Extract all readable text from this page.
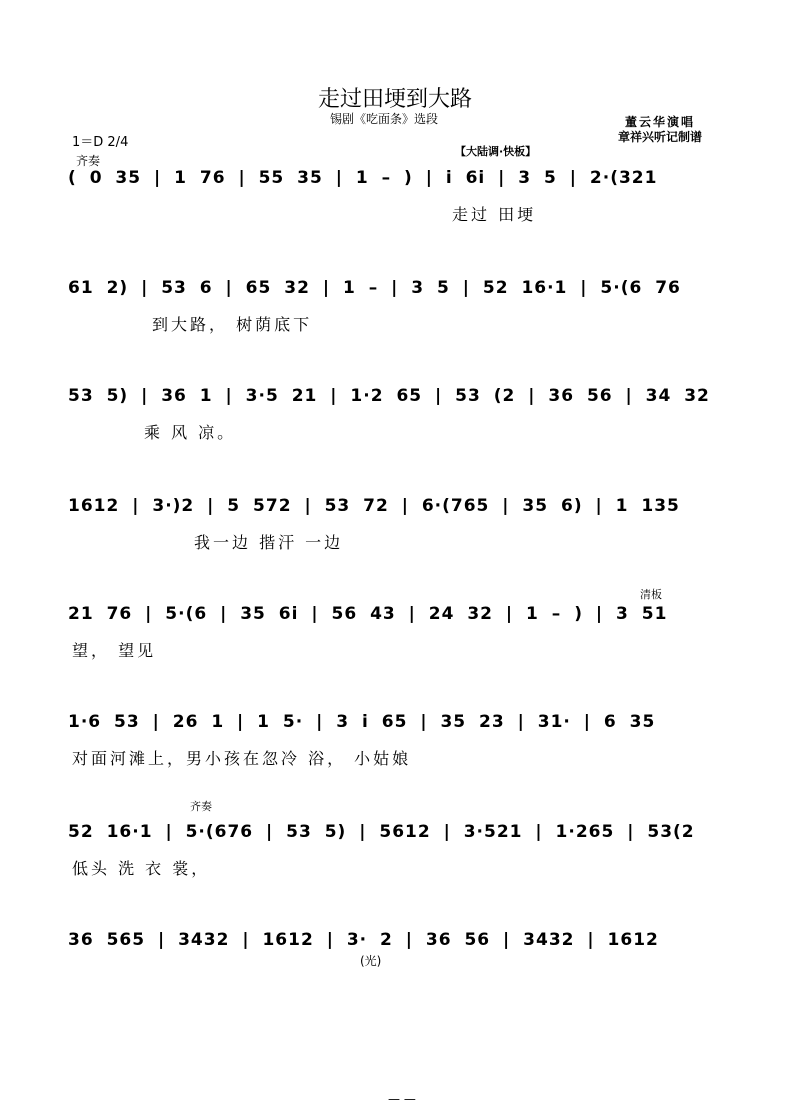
走过田埂到大路
锡剧《吃面条》选段	董云华演唱
章祥兴听记制谱
1＝D 2/4
齐奏
【大陆调·快板】
清板
齐奏
( 0 35 | 1 76 | 55 35 | 1 – ) | i 6i | 3 5 | 2·(321
走过 田埂
61 2) | 53 6 | 65 32 | 1 – | 3 5 | 52 16·1 | 5·(6 76
到大路， 树荫底下
53 5) | 36 1 | 3·5 21 | 1·2 65 | 53 (2 | 36 56 | 34 32
乘 风 凉。
1612 | 3·)2 | 5 572 | 53 72 | 6·(765 | 35 6) | 1 135
我一边 揩汗 一边
21 76 | 5·(6 | 35 6i | 56 43 | 24 32 | 1 – ) | 3 51
望， 望见
1·6 53 | 26 1 | 1 5· | 3 i 65 | 35 23 | 31· | 6 35
对面河滩上，男小孩在忽冷 浴， 小姑娘
52 16·1 | 5·(676 | 53 5) | 5612 | 3·521 | 1·265 | 53(2
低头 洗 衣 裳，
36 565 | 3432 | 1612 | 3· 2 | 36 56 | 3432 | 1612
(光)
— —
